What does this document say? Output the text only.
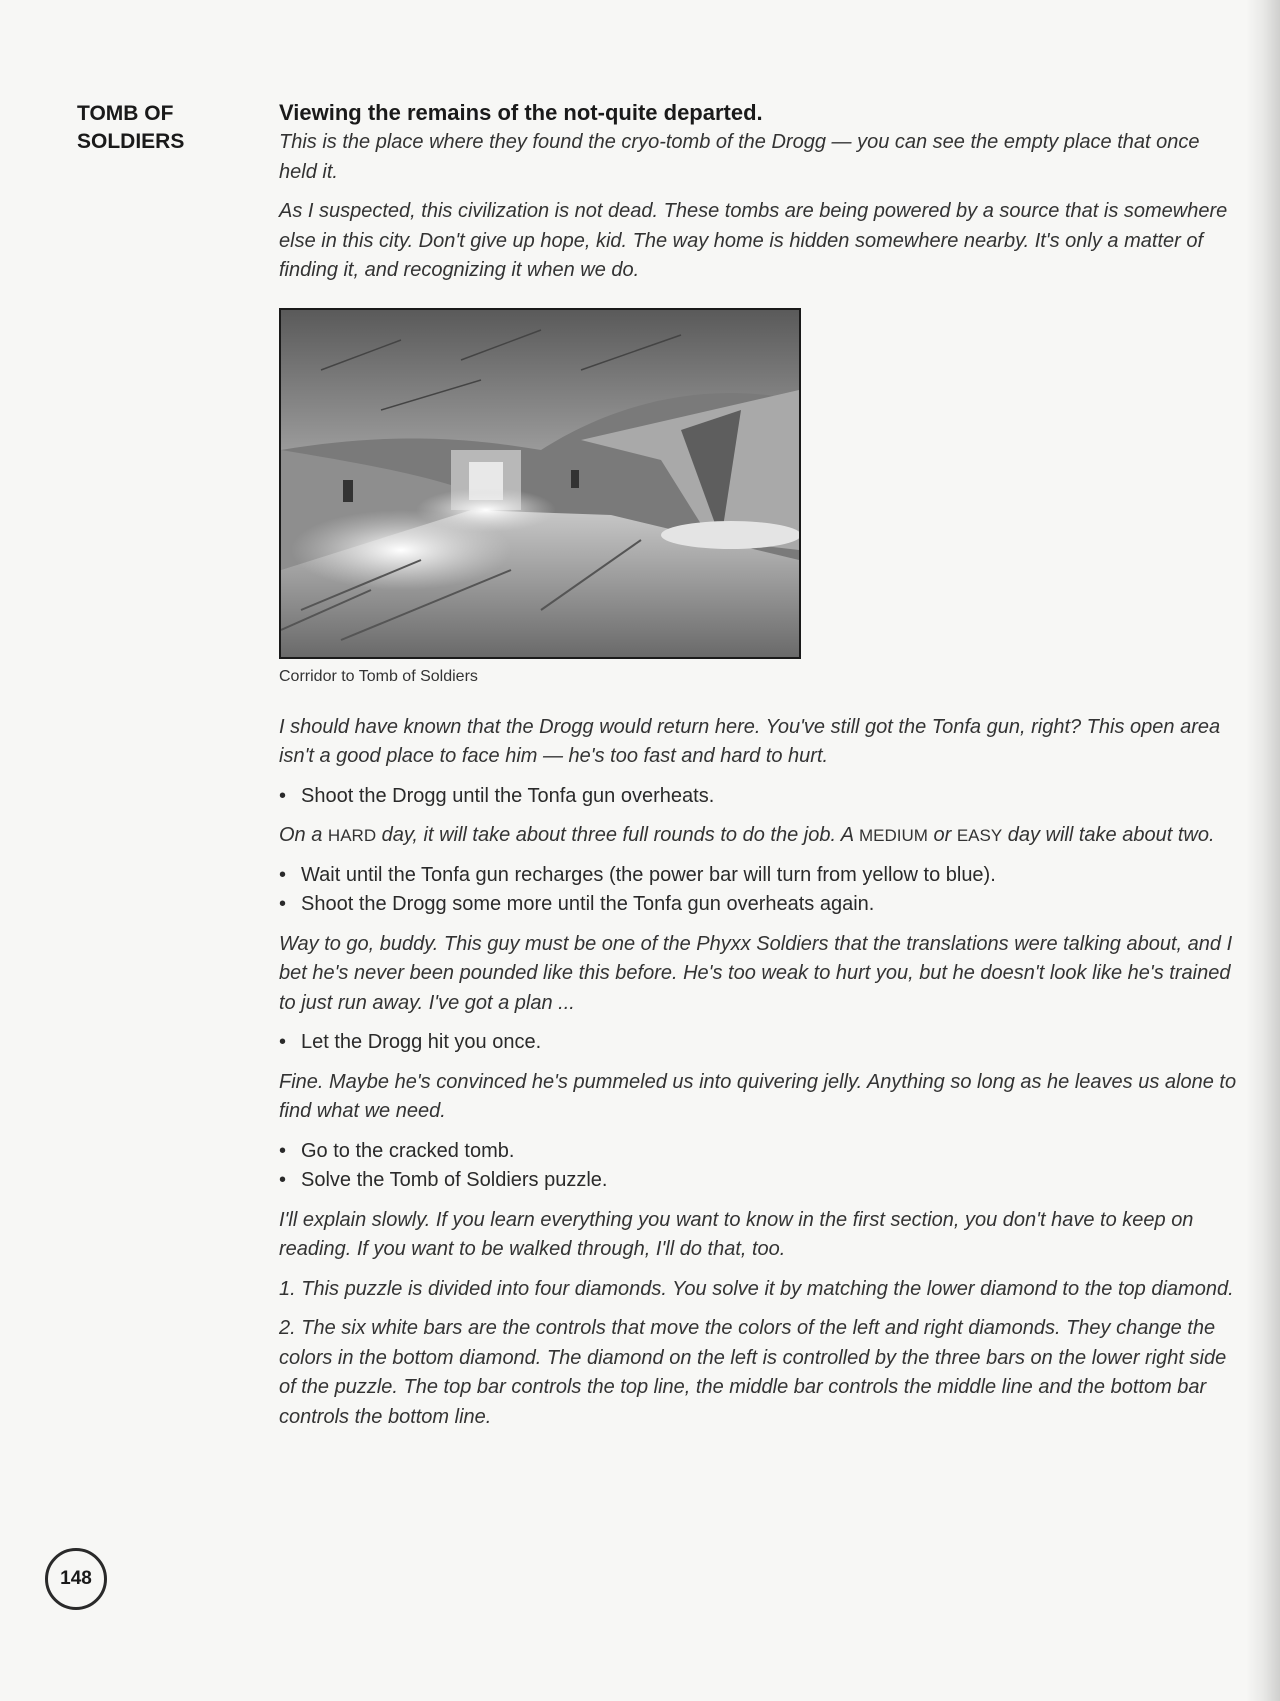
TOMB OF
SOLDIERS

Viewing the remains of the not-quite departed.

This is the place where they found the cryo-tomb of the Drogg — you can see the empty place that once held it.

As I suspected, this civilization is not dead. These tombs are being powered by a source that is somewhere else in this city. Don't give up hope, kid. The way home is hidden somewhere nearby. It's only a matter of finding it, and recognizing it when we do.

Corridor to Tomb of Soldiers

I should have known that the Drogg would return here. You've still got the Tonfa gun, right? This open area isn't a good place to face him — he's too fast and hard to hurt.

• Shoot the Drogg until the Tonfa gun overheats.

On a HARD day, it will take about three full rounds to do the job. A MEDIUM or EASY day will take about two.

• Wait until the Tonfa gun recharges (the power bar will turn from yellow to blue).
• Shoot the Drogg some more until the Tonfa gun overheats again.

Way to go, buddy. This guy must be one of the Phyxx Soldiers that the translations were talking about, and I bet he's never been pounded like this before. He's too weak to hurt you, but he doesn't look like he's trained to just run away. I've got a plan ...

• Let the Drogg hit you once.

Fine. Maybe he's convinced he's pummeled us into quivering jelly. Anything so long as he leaves us alone to find what we need.

• Go to the cracked tomb.
• Solve the Tomb of Soldiers puzzle.

I'll explain slowly. If you learn everything you want to know in the first section, you don't have to keep on reading. If you want to be walked through, I'll do that, too.

1. This puzzle is divided into four diamonds. You solve it by matching the lower diamond to the top diamond.

2. The six white bars are the controls that move the colors of the left and right diamonds. They change the colors in the bottom diamond. The diamond on the left is controlled by the three bars on the lower right side of the puzzle. The top bar controls the top line, the middle bar controls the middle line and the bottom bar controls the bottom line.

148
